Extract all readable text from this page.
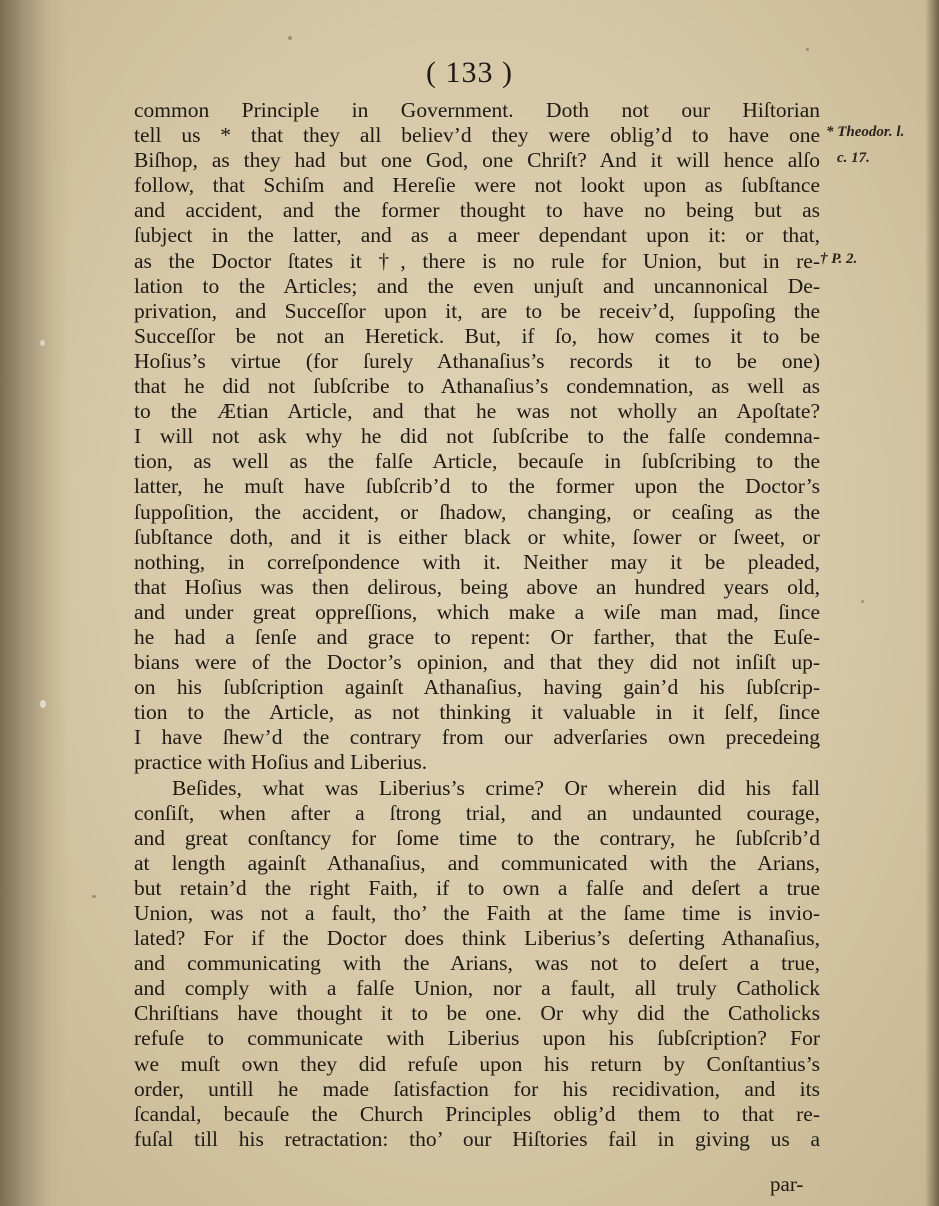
( 133 )
common Principle in Government. Doth not our Hiſtorian
tell us * that they all believ’d they were oblig’d to have one
Biſhop, as they had but one God, one Chriſt? And it will hence alſo
follow, that Schiſm and Hereſie were not lookt upon as ſubſtance
and accident, and the former thought to have no being but as
ſubject in the latter, and as a meer dependant upon it: or that,
as the Doctor ſtates it †, there is no rule for Union, but in re-
lation to the Articles; and the even unjuſt and uncannonical De-
privation, and Succeſſor upon it, are to be receiv’d, ſuppoſing the
Succeſſor be not an Heretick. But, if ſo, how comes it to be
Hoſius’s virtue (for ſurely Athanaſius’s records it to be one)
that he did not ſubſcribe to Athanaſius’s condemnation, as well as
to the Ætian Article, and that he was not wholly an Apoſtate?
I will not ask why he did not ſubſcribe to the falſe condemna-
tion, as well as the falſe Article, becauſe in ſubſcribing to the
latter, he muſt have ſubſcrib’d to the former upon the Doctor’s
ſuppoſition, the accident, or ſhadow, changing, or ceaſing as the
ſubſtance doth, and it is either black or white, ſower or ſweet, or
nothing, in correſpondence with it. Neither may it be pleaded,
that Hoſius was then delirous, being above an hundred years old,
and under great oppreſſions, which make a wiſe man mad, ſince
he had a ſenſe and grace to repent: Or farther, that the Euſe-
bians were of the Doctor’s opinion, and that they did not inſiſt up-
on his ſubſcription againſt Athanaſius, having gain’d his ſubſcrip-
tion to the Article, as not thinking it valuable in it ſelf, ſince
I have ſhew’d the contrary from our adverſaries own precedeing
practice with Hoſius and Liberius.
Beſides, what was Liberius’s crime? Or wherein did his fall
conſiſt, when after a ſtrong trial, and an undaunted courage,
and great conſtancy for ſome time to the contrary, he ſubſcrib’d
at length againſt Athanaſius, and communicated with the Arians,
but retain’d the right Faith, if to own a falſe and deſert a true
Union, was not a fault, tho’ the Faith at the ſame time is invio-
lated? For if the Doctor does think Liberius’s deſerting Athanaſius,
and communicating with the Arians, was not to deſert a true,
and comply with a falſe Union, nor a fault, all truly Catholick
Chriſtians have thought it to be one. Or why did the Catholicks
refuſe to communicate with Liberius upon his ſubſcription? For
we muſt own they did refuſe upon his return by Conſtantius’s
order, untill he made ſatisfaction for his recidivation, and its
ſcandal, becauſe the Church Principles oblig’d them to that re-
fuſal till his retractation: tho’ our Hiſtories fail in giving us a
* Theodor. l.
c. 17.
† P. 2.
par-
